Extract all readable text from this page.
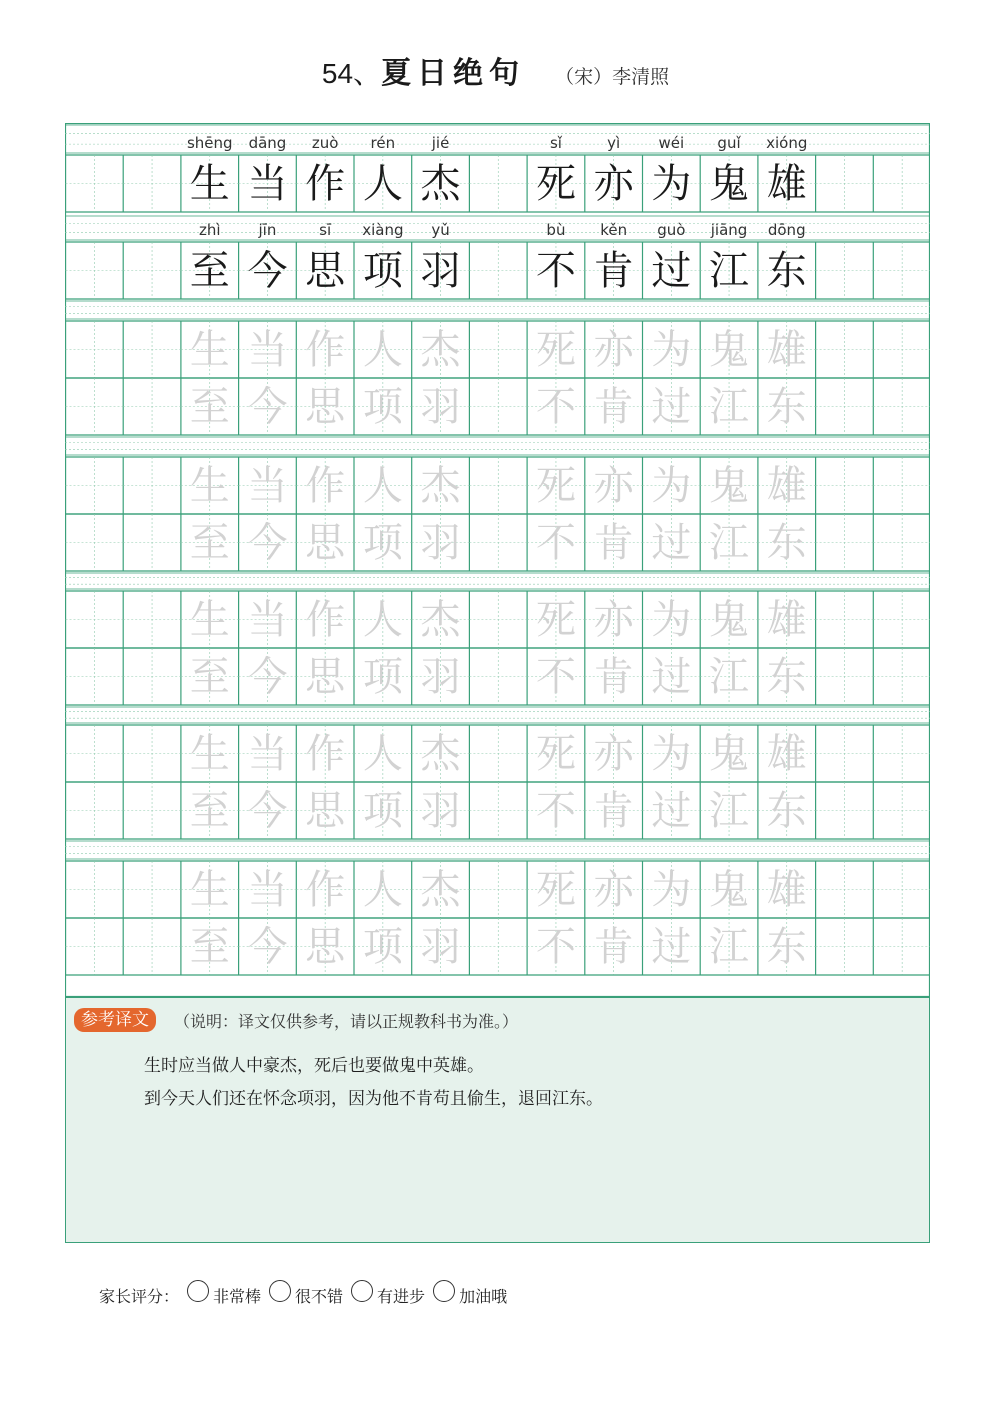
54、夏日绝句 （宋）李清照
生 当 作 人 杰 死 亦 为 鬼 雄
shēng	dāng	zuò	rén	jié	sǐ	yì	wéi	guǐ	xióng
至 今 思 项 羽 不 肯 过 江 东
zhì	jīn	sī	xiàng	yǔ	bù	kěn	guò	jiāng	dōng
生 当 作 人 杰 死 亦 为 鬼 雄
至 今 思 项 羽 不 肯 过 江 东
生 当 作 人 杰 死 亦 为 鬼 雄
至 今 思 项 羽 不 肯 过 江 东
生 当 作 人 杰 死 亦 为 鬼 雄
至 今 思 项 羽 不 肯 过 江 东
生 当 作 人 杰 死 亦 为 鬼 雄
至 今 思 项 羽 不 肯 过 江 东
生 当 作 人 杰 死 亦 为 鬼 雄
至 今 思 项 羽 不 肯 过 江 东
参考译文	（说明：译文仅供参考，请以正规教科书为准。）
生时应当做人中豪杰，死后也要做鬼中英雄。
到今天人们还在怀念项羽，因为他不肯苟且偷生，退回江东。
家长评分： 非常棒 很不错 有进步 加油哦
